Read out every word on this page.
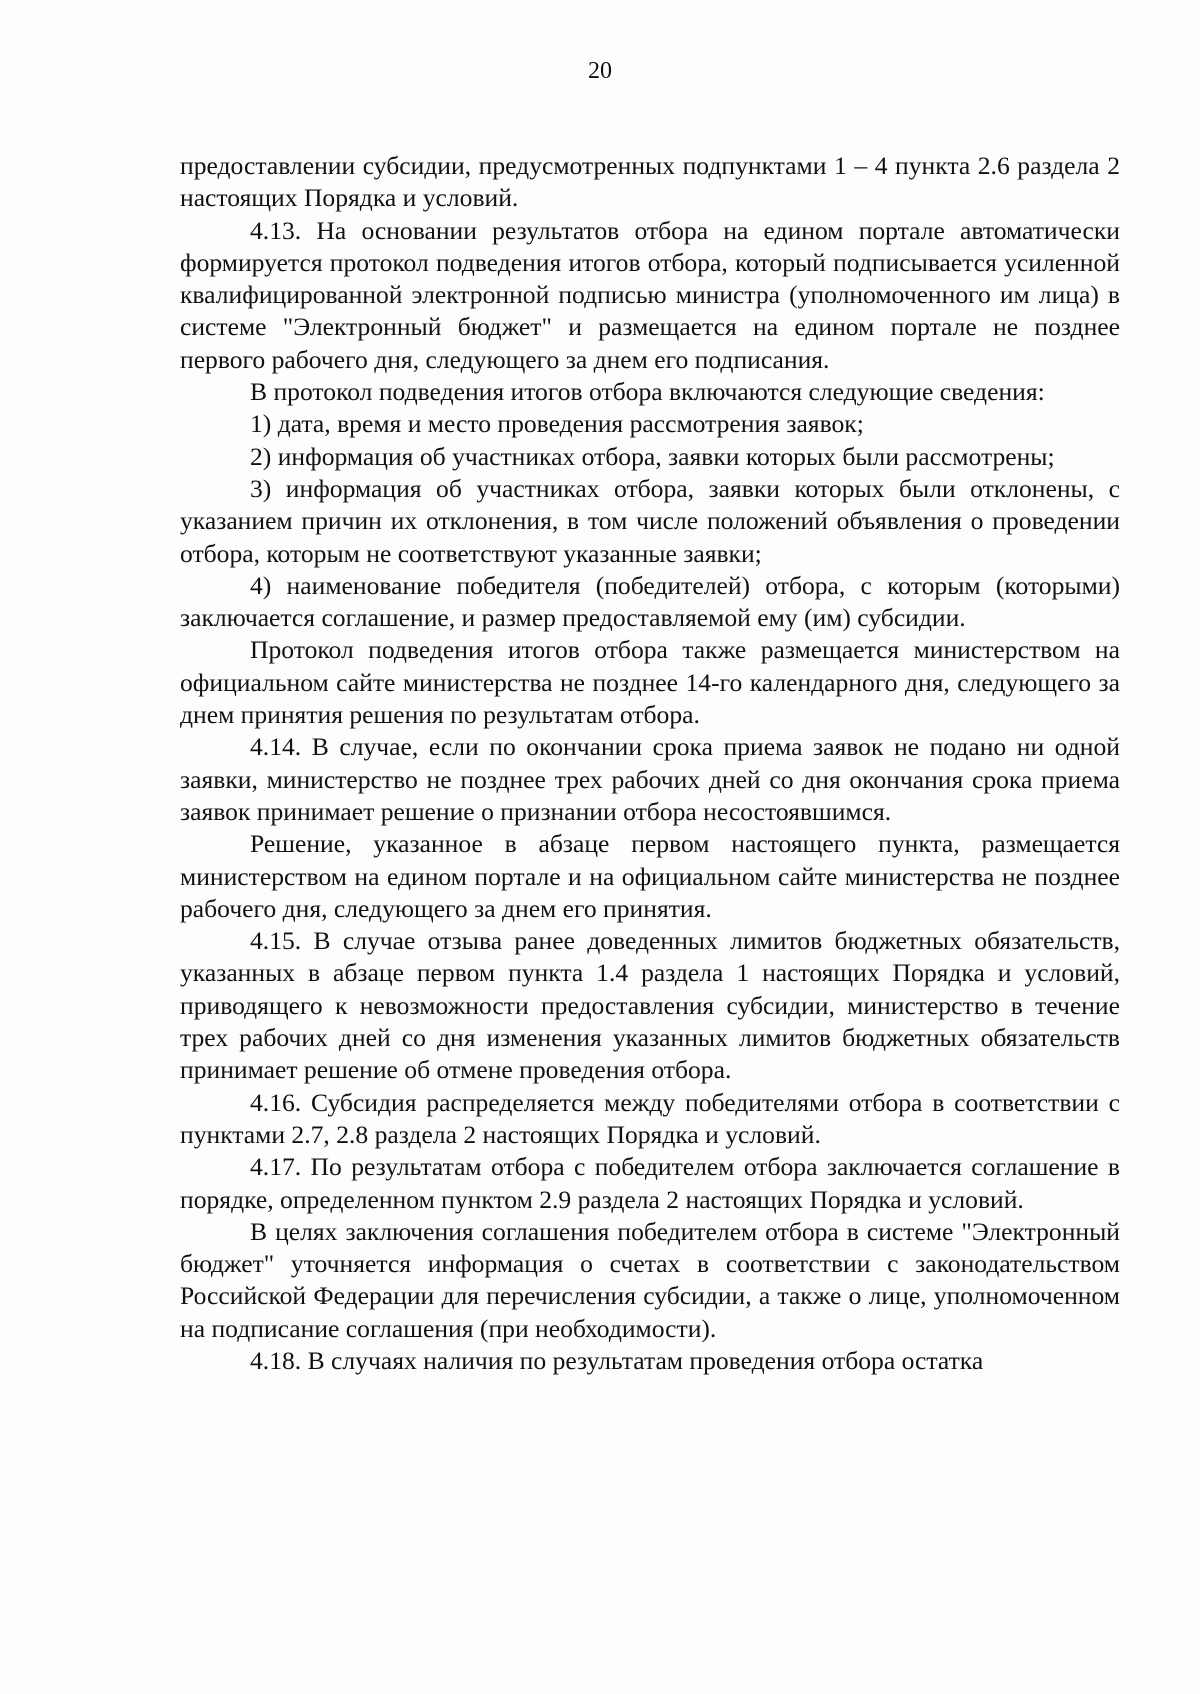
20

предоставлении субсидии, предусмотренных подпунктами 1 – 4 пункта 2.6 раздела 2 настоящих Порядка и условий.

4.13. На основании результатов отбора на едином портале автоматически формируется протокол подведения итогов отбора, который подписывается усиленной квалифицированной электронной подписью министра (уполномоченного им лица) в системе "Электронный бюджет" и размещается на едином портале не позднее первого рабочего дня, следующего за днем его подписания.

В протокол подведения итогов отбора включаются следующие сведения:

1) дата, время и место проведения рассмотрения заявок;

2) информация об участниках отбора, заявки которых были рассмотрены;

3) информация об участниках отбора, заявки которых были отклонены, с указанием причин их отклонения, в том числе положений объявления о проведении отбора, которым не соответствуют указанные заявки;

4) наименование победителя (победителей) отбора, с которым (которыми) заключается соглашение, и размер предоставляемой ему (им) субсидии.

Протокол подведения итогов отбора также размещается министерством на официальном сайте министерства не позднее 14-го календарного дня, следующего за днем принятия решения по результатам отбора.

4.14. В случае, если по окончании срока приема заявок не подано ни одной заявки, министерство не позднее трех рабочих дней со дня окончания срока приема заявок принимает решение о признании отбора несостоявшимся.

Решение, указанное в абзаце первом настоящего пункта, размещается министерством на едином портале и на официальном сайте министерства не позднее рабочего дня, следующего за днем его принятия.

4.15. В случае отзыва ранее доведенных лимитов бюджетных обязательств, указанных в абзаце первом пункта 1.4 раздела 1 настоящих Порядка и условий, приводящего к невозможности предоставления субсидии, министерство в течение трех рабочих дней со дня изменения указанных лимитов бюджетных обязательств принимает решение об отмене проведения отбора.

4.16. Субсидия распределяется между победителями отбора в соответствии с пунктами 2.7, 2.8 раздела 2 настоящих Порядка и условий.

4.17. По результатам отбора с победителем отбора заключается соглашение в порядке, определенном пунктом 2.9 раздела 2 настоящих Порядка и условий.

В целях заключения соглашения победителем отбора в системе "Электронный бюджет" уточняется информация о счетах в соответствии с законодательством Российской Федерации для перечисления субсидии, а также о лице, уполномоченном на подписание соглашения (при необходимости).

4.18. В случаях наличия по результатам проведения отбора остатка
